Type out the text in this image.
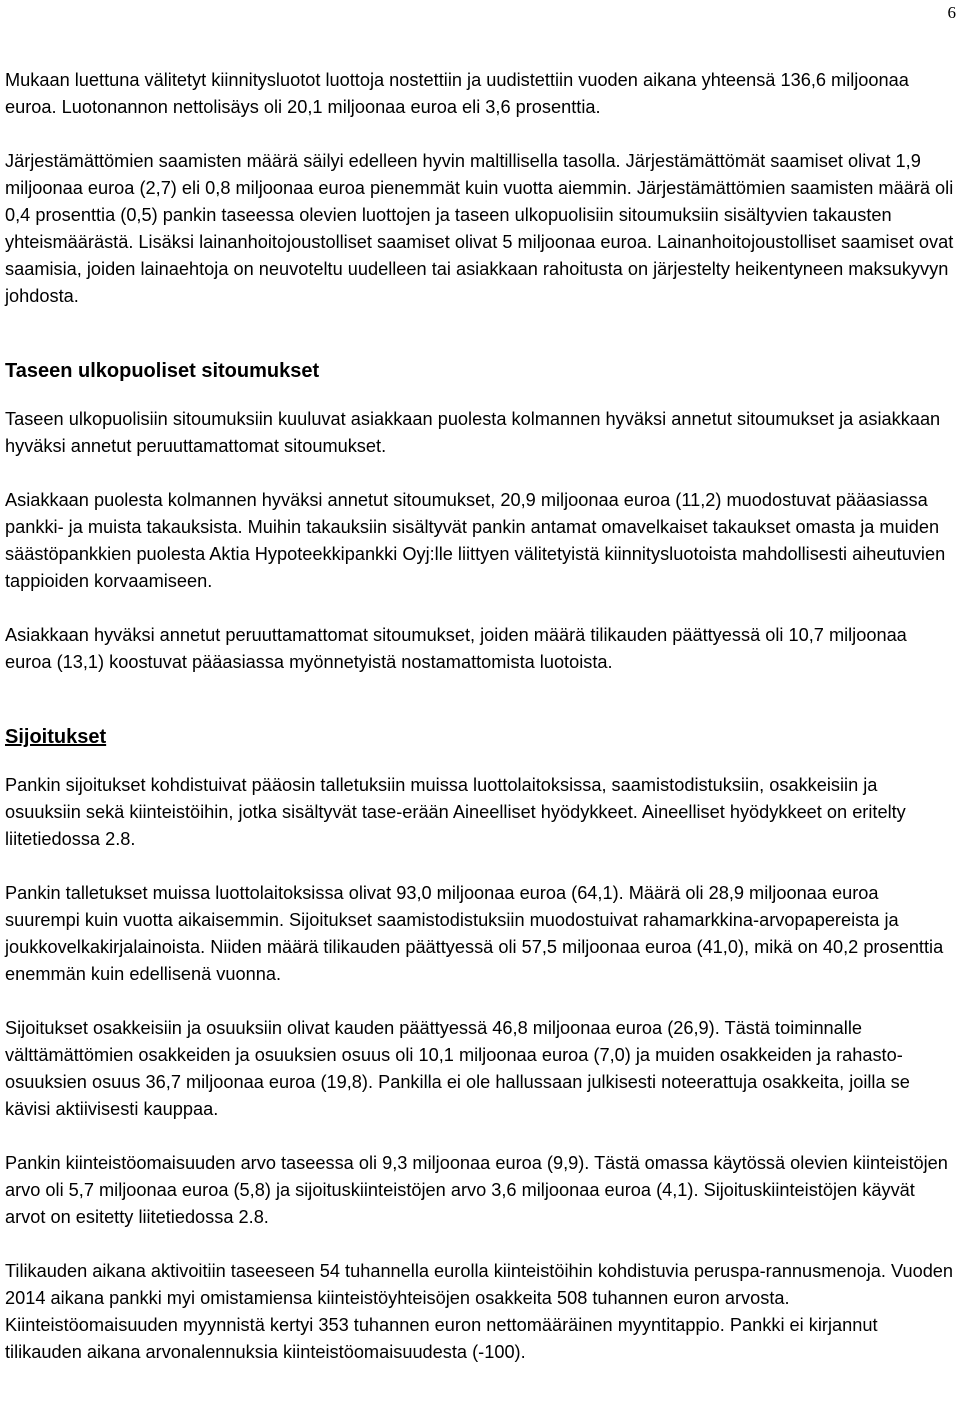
6

Mukaan luettuna välitetyt kiinnitysluotot luottoja nostettiin ja uudistettiin vuoden aikana yhteensä 136,6 miljoonaa euroa. Luotonannon nettolisäys oli 20,1 miljoonaa euroa eli 3,6 prosenttia.

Järjestämättömien saamisten määrä säilyi edelleen hyvin maltillisella tasolla. Järjestämättömät saamiset olivat 1,9 miljoonaa euroa (2,7) eli 0,8 miljoonaa euroa pienemmät kuin vuotta aiemmin. Järjestämättömien saamisten määrä oli 0,4 prosenttia (0,5) pankin taseessa olevien luottojen ja taseen ulkopuolisiin sitoumuksiin sisältyvien takausten yhteismäärästä. Lisäksi lainanhoitojoustolliset saamiset olivat 5 miljoonaa euroa. Lainanhoitojoustolliset saamiset ovat saamisia, joiden lainaehtoja on neuvoteltu uudelleen tai asiakkaan rahoitusta on järjestelty heikentyneen maksukyvyn johdosta.

Taseen ulkopuoliset sitoumukset

Taseen ulkopuolisiin sitoumuksiin kuuluvat asiakkaan puolesta kolmannen hyväksi annetut sitoumukset ja asiakkaan hyväksi annetut peruuttamattomat sitoumukset.

Asiakkaan puolesta kolmannen hyväksi annetut sitoumukset, 20,9 miljoonaa euroa (11,2) muodostuvat pääasiassa pankki- ja muista takauksista. Muihin takauksiin sisältyvät pankin antamat omavelkaiset takaukset omasta ja muiden säästöpankkien puolesta Aktia Hypoteekkipankki Oyj:lle liittyen välitetyistä kiinnitysluotoista mahdollisesti aiheutuvien tappioiden korvaamiseen.

Asiakkaan hyväksi annetut peruuttamattomat sitoumukset, joiden määrä tilikauden päättyessä oli 10,7 miljoonaa euroa (13,1) koostuvat pääasiassa myönnetyistä nostamattomista luotoista.

Sijoitukset

Pankin sijoitukset kohdistuivat pääosin talletuksiin muissa luottolaitoksissa, saamistodistuksiin, osakkeisiin ja osuuksiin sekä kiinteistöihin, jotka sisältyvät tase-erään Aineelliset hyödykkeet. Aineelliset hyödykkeet on eritelty liitetiedossa 2.8.

Pankin talletukset muissa luottolaitoksissa olivat 93,0 miljoonaa euroa (64,1). Määrä oli 28,9 miljoonaa euroa suurempi kuin vuotta aikaisemmin. Sijoitukset saamistodistuksiin muodostuivat rahamarkkina-arvopapereista ja joukkovelkakirjalainoista. Niiden määrä tilikauden päättyessä oli 57,5 miljoonaa euroa (41,0), mikä on 40,2 prosenttia enemmän kuin edellisenä vuonna.

Sijoitukset osakkeisiin ja osuuksiin olivat kauden päättyessä 46,8 miljoonaa euroa (26,9). Tästä toiminnalle välttämättömien osakkeiden ja osuuksien osuus oli 10,1 miljoonaa euroa (7,0) ja muiden osakkeiden ja rahasto-osuuksien osuus 36,7 miljoonaa euroa (19,8). Pankilla ei ole hallussaan julkisesti noteerattuja osakkeita, joilla se kävisi aktiivisesti kauppaa.

Pankin kiinteistöomaisuuden arvo taseessa oli 9,3 miljoonaa euroa (9,9). Tästä omassa käytössä olevien kiinteistöjen arvo oli 5,7 miljoonaa euroa (5,8) ja sijoituskiinteistöjen arvo 3,6 miljoonaa euroa (4,1). Sijoituskiinteistöjen käyvät arvot on esitetty liitetiedossa 2.8.

Tilikauden aikana aktivoitiin taseeseen 54 tuhannella eurolla kiinteistöihin kohdistuvia peruspa-rannusmenoja. Vuoden 2014 aikana pankki myi omistamiensa kiinteistöyhteisöjen osakkeita 508 tuhannen euron arvosta. Kiinteistöomaisuuden myynnistä kertyi 353 tuhannen euron nettomääräinen myyntitappio. Pankki ei kirjannut tilikauden aikana arvonalennuksia kiinteistöomaisuudesta (-100).
